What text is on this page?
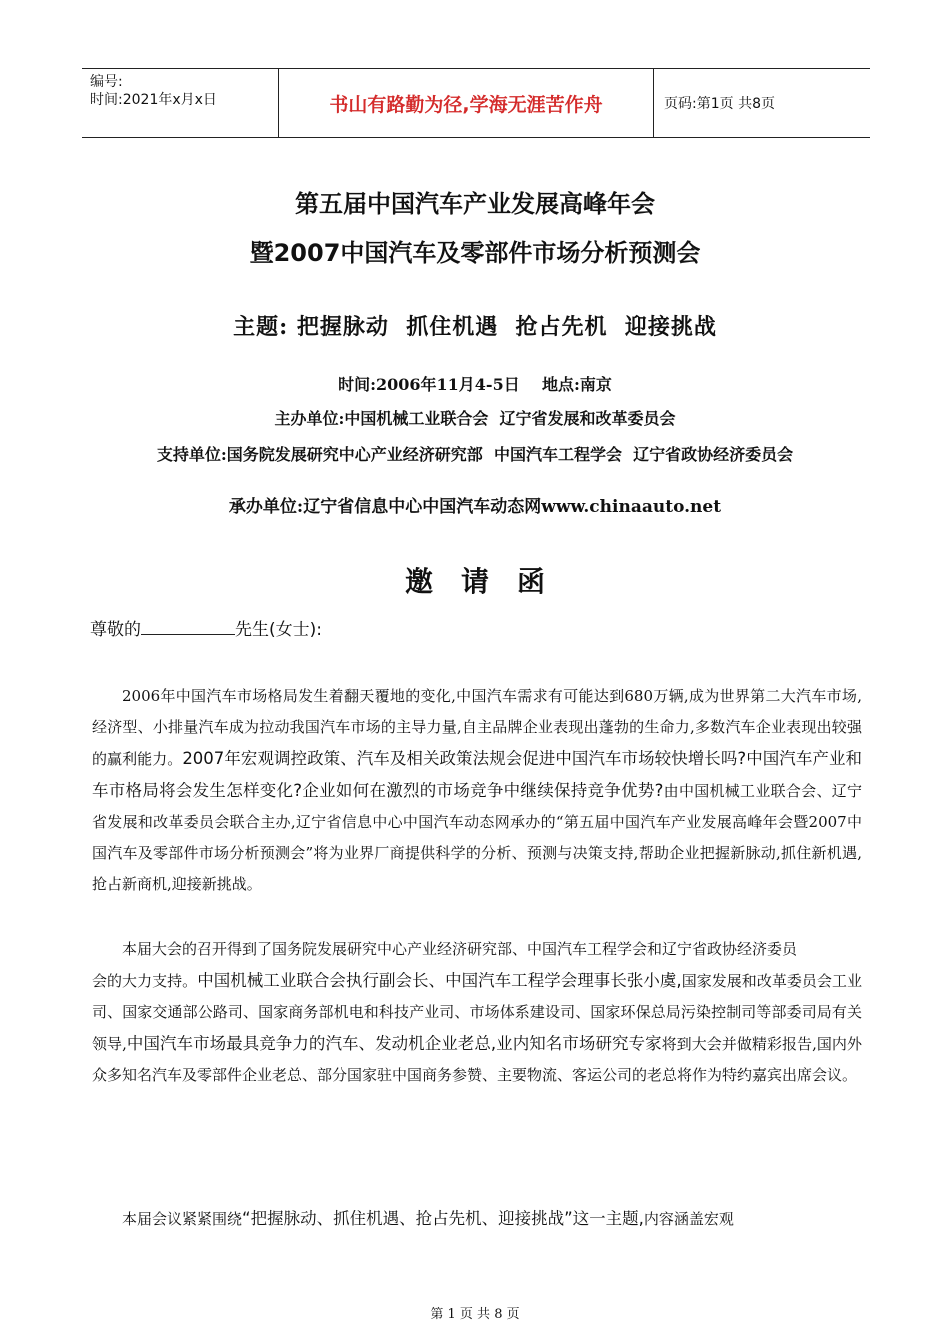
编号:
时间:2021年x月x日	书山有路勤为径,学海无涯苦作舟	页码:第1页 共8页
第五届中国汽车产业发展高峰年会
暨2007中国汽车及零部件市场分析预测会
主题: 把握脉动  抓住机遇  抢占先机  迎接挑战
时间:2006年11月4-5日    地点:南京
主办单位:中国机械工业联合会  辽宁省发展和改革委员会
支持单位:国务院发展研究中心产业经济研究部  中国汽车工程学会  辽宁省政协经济委员会
承办单位:辽宁省信息中心中国汽车动态网www.chinaauto.net
邀请函
尊敬的	先生(女士):
2006年中国汽车市场格局发生着翻天覆地的变化,中国汽车需求有可能达到680万辆,成为世界第二大汽车市场,经济型、小排量汽车成为拉动我国汽车市场的主导力量,自主品牌企业表现出蓬勃的生命力,多数汽车企业表现出较强的赢利能力。2007年宏观调控政策、汽车及相关政策法规会促进中国汽车市场较快增长吗?中国汽车产业和车市格局将会发生怎样变化?企业如何在激烈的市场竞争中继续保持竞争优势?由中国机械工业联合会、辽宁省发展和改革委员会联合主办,辽宁省信息中心中国汽车动态网承办的“第五届中国汽车产业发展高峰年会暨2007中国汽车及零部件市场分析预测会”将为业界厂商提供科学的分析、预测与决策支持,帮助企业把握新脉动,抓住新机遇,抢占新商机,迎接新挑战。
本届大会的召开得到了国务院发展研究中心产业经济研究部、中国汽车工程学会和辽宁省政协经济委员
会的大力支持。中国机械工业联合会执行副会长、中国汽车工程学会理事长张小虞,国家发展和改革委员会工业司、国家交通部公路司、国家商务部机电和科技产业司、市场体系建设司、国家环保总局污染控制司等部委司局有关领导,中国汽车市场最具竞争力的汽车、发动机企业老总,业内知名市场研究专家将到大会并做精彩报告,国内外众多知名汽车及零部件企业老总、部分国家驻中国商务参赞、主要物流、客运公司的老总将作为特约嘉宾出席会议。
本届会议紧紧围绕“把握脉动、抓住机遇、抢占先机、迎接挑战”这一主题,内容涵盖宏观
第 1 页 共 8 页
